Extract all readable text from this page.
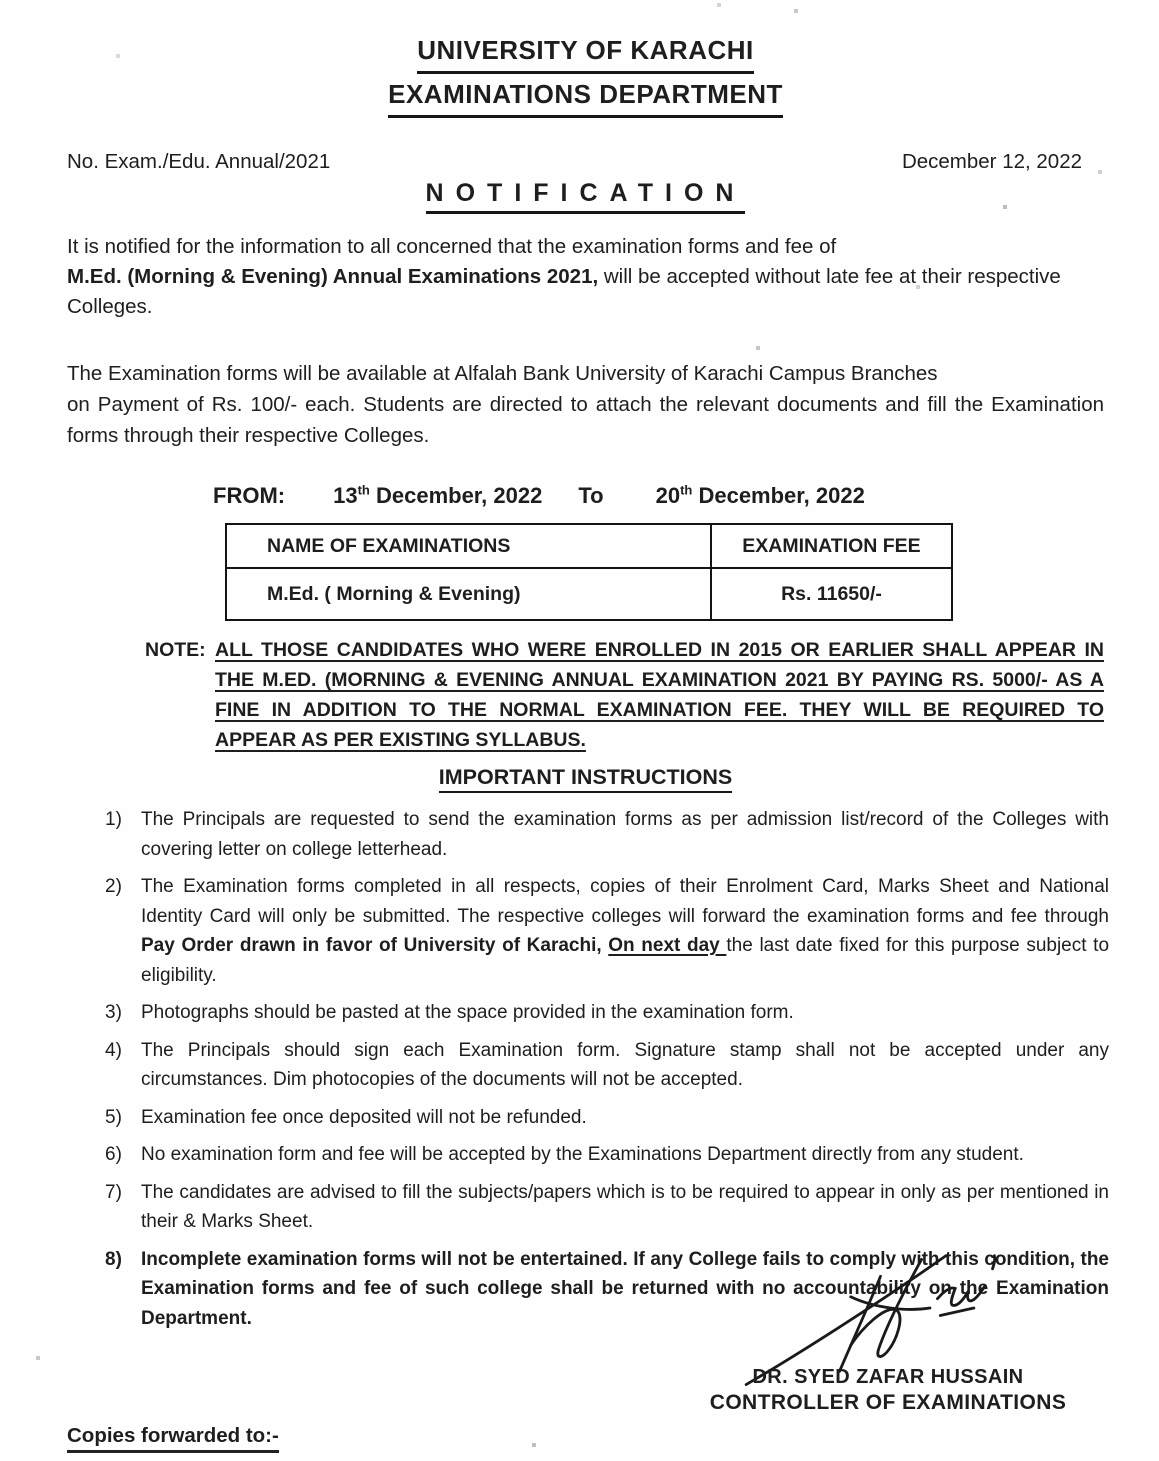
UNIVERSITY OF KARACHI
EXAMINATIONS DEPARTMENT
No. Exam./Edu. Annual/2021	December 12, 2022
NOTIFICATION

It is notified for the information to all concerned that the examination forms and fee of
M.Ed. (Morning & Evening) Annual Examinations 2021, will be accepted without late fee at their respective Colleges.

The Examination forms will be available at Alfalah Bank University of Karachi Campus Branches
on Payment of Rs. 100/- each. Students are directed to attach the relevant documents and fill the Examination forms through their respective Colleges.

FROM: 13th December, 2022 To 20th December, 2022
NAME OF EXAMINATIONS	EXAMINATION FEE
M.Ed. ( Morning & Evening)	Rs. 11650/-
NOTE: ALL THOSE CANDIDATES WHO WERE ENROLLED IN 2015 OR EARLIER SHALL APPEAR IN THE M.ED. (MORNING & EVENING ANNUAL EXAMINATION 2021 BY PAYING RS. 5000/- AS A FINE IN ADDITION TO THE NORMAL EXAMINATION FEE. THEY WILL BE REQUIRED TO APPEAR AS PER EXISTING SYLLABUS.
IMPORTANT INSTRUCTIONS
1)	The Principals are requested to send the examination forms as per admission list/record of the Colleges with covering letter on college letterhead.
2)	The Examination forms completed in all respects, copies of their Enrolment Card, Marks Sheet and National Identity Card will only be submitted. The respective colleges will forward the examination forms and fee through Pay Order drawn in favor of University of Karachi, On next day the last date fixed for this purpose subject to eligibility.
3)	Photographs should be pasted at the space provided in the examination form.
4)	The Principals should sign each Examination form. Signature stamp shall not be accepted under any circumstances. Dim photocopies of the documents will not be accepted.
5)	Examination fee once deposited will not be refunded.
6)	No examination form and fee will be accepted by the Examinations Department directly from any student.
7)	The candidates are advised to fill the subjects/papers which is to be required to appear in only as per mentioned in their & Marks Sheet.
8)	Incomplete examination forms will not be entertained. If any College fails to comply with this condition, the Examination forms and fee of such college shall be returned with no accountability on the Examination Department.
DR. SYED ZAFAR HUSSAIN
CONTROLLER OF EXAMINATIONS
Copies forwarded to:-
